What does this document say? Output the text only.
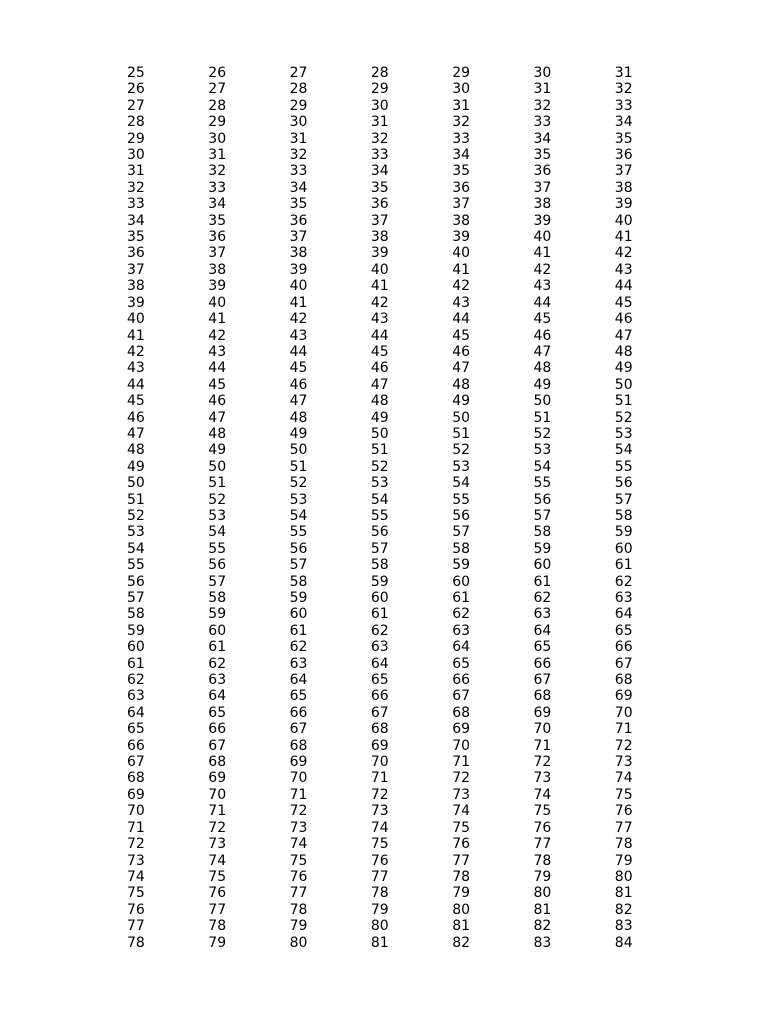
25	26	27	28	29	30	31
26	27	28	29	30	31	32
27	28	29	30	31	32	33
28	29	30	31	32	33	34
29	30	31	32	33	34	35
30	31	32	33	34	35	36
31	32	33	34	35	36	37
32	33	34	35	36	37	38
33	34	35	36	37	38	39
34	35	36	37	38	39	40
35	36	37	38	39	40	41
36	37	38	39	40	41	42
37	38	39	40	41	42	43
38	39	40	41	42	43	44
39	40	41	42	43	44	45
40	41	42	43	44	45	46
41	42	43	44	45	46	47
42	43	44	45	46	47	48
43	44	45	46	47	48	49
44	45	46	47	48	49	50
45	46	47	48	49	50	51
46	47	48	49	50	51	52
47	48	49	50	51	52	53
48	49	50	51	52	53	54
49	50	51	52	53	54	55
50	51	52	53	54	55	56
51	52	53	54	55	56	57
52	53	54	55	56	57	58
53	54	55	56	57	58	59
54	55	56	57	58	59	60
55	56	57	58	59	60	61
56	57	58	59	60	61	62
57	58	59	60	61	62	63
58	59	60	61	62	63	64
59	60	61	62	63	64	65
60	61	62	63	64	65	66
61	62	63	64	65	66	67
62	63	64	65	66	67	68
63	64	65	66	67	68	69
64	65	66	67	68	69	70
65	66	67	68	69	70	71
66	67	68	69	70	71	72
67	68	69	70	71	72	73
68	69	70	71	72	73	74
69	70	71	72	73	74	75
70	71	72	73	74	75	76
71	72	73	74	75	76	77
72	73	74	75	76	77	78
73	74	75	76	77	78	79
74	75	76	77	78	79	80
75	76	77	78	79	80	81
76	77	78	79	80	81	82
77	78	79	80	81	82	83
78	79	80	81	82	83	84
